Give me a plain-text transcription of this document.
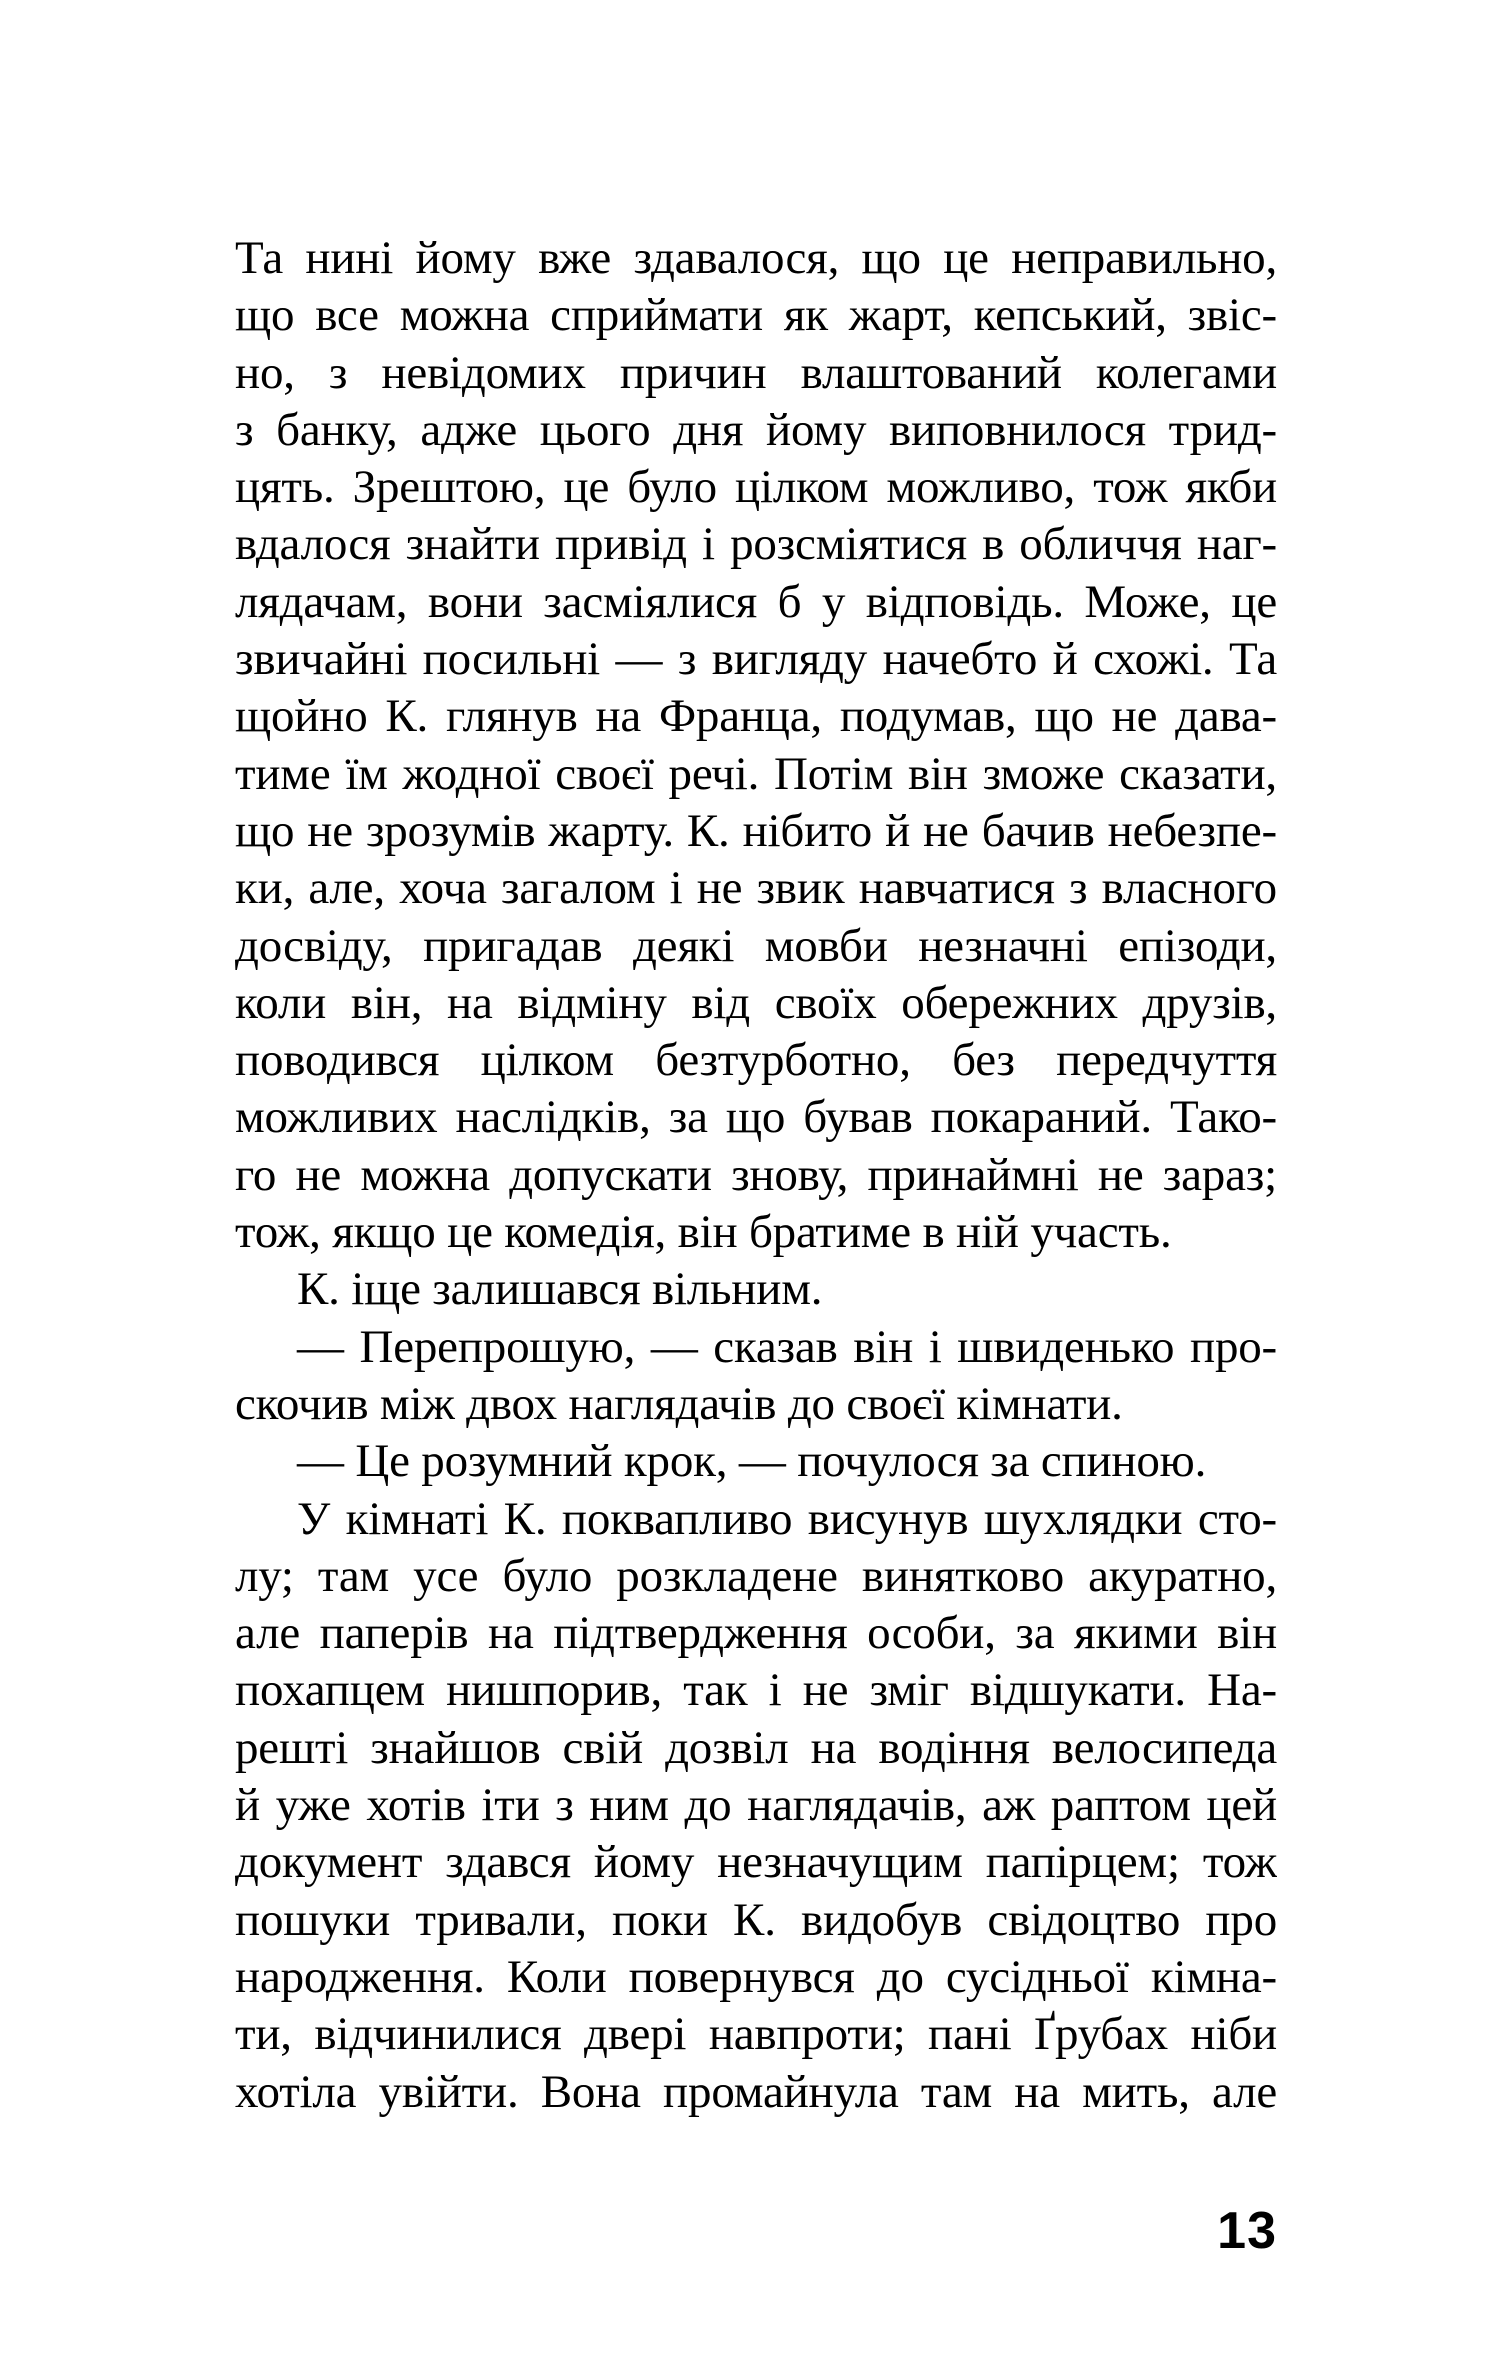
Та нині йому вже здавалося, що це неправильно,
що все можна сприймати як жарт, кепський, звіс-
но, з невідомих причин влаштований колегами
з банку, адже цього дня йому виповнилося трид-
цять. Зрештою, це було цілком можливо, тож якби
вдалося знайти привід і розсміятися в обличчя наг-
лядачам, вони засміялися б у відповідь. Може, це
звичайні посильні — з вигляду начебто й схожі. Та
щойно К. глянув на Франца, подумав, що не дава-
тиме їм жодної своєї речі. Потім він зможе сказати,
що не зрозумів жарту. К. нібито й не бачив небезпе-
ки, але, хоча загалом і не звик навчатися з власного
досвіду, пригадав деякі мовби незначні епізоди,
коли він, на відміну від своїх обережних друзів,
поводився цілком безтурботно, без передчуття
можливих наслідків, за що бував покараний. Тако-
го не можна допускати знову, принаймні не зараз;
тож, якщо це комедія, він братиме в ній участь.
К. іще залишався вільним.
— Перепрошую, — сказав він і швиденько про-
скочив між двох наглядачів до своєї кімнати.
— Це розумний крок, — почулося за спиною.
У кімнаті К. поквапливо висунув шухлядки сто-
лу; там усе було розкладене винятково акуратно,
але паперів на підтвердження особи, за якими він
похапцем нишпорив, так і не зміг відшукати. На-
решті знайшов свій дозвіл на водіння велосипеда
й уже хотів іти з ним до наглядачів, аж раптом цей
документ здався йому незначущим папірцем; тож
пошуки тривали, поки К. видобув свідоцтво про
народження. Коли повернувся до сусідньої кімна-
ти, відчинилися двері навпроти; пані Ґрубах ніби
хотіла увійти. Вона промайнула там на мить, але
13
